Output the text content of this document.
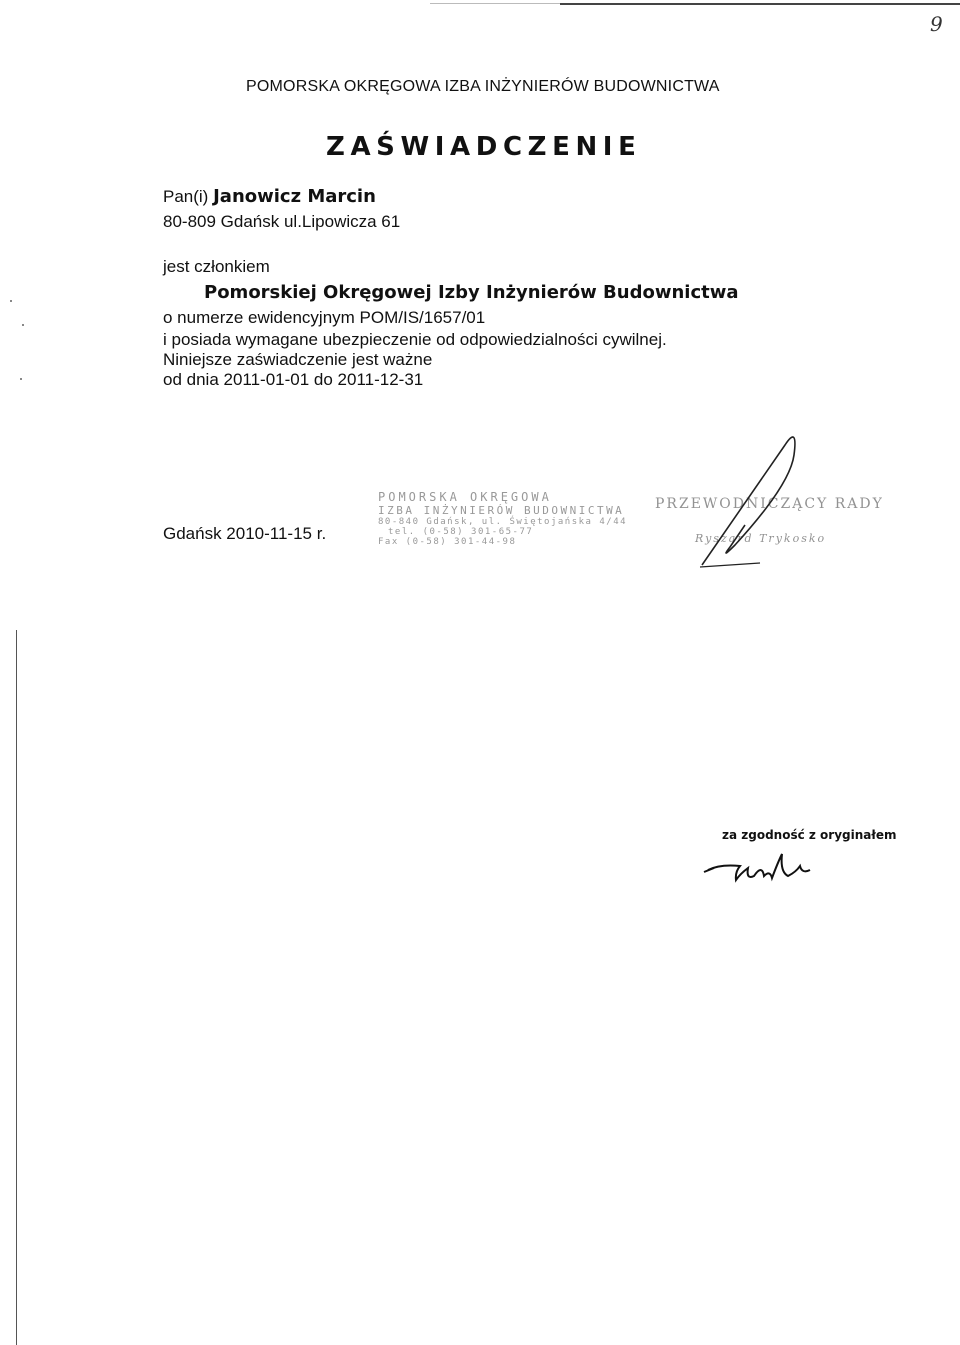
9
POMORSKA OKRĘGOWA IZBA INŻYNIERÓW BUDOWNICTWA
ZAŚWIADCZENIE
Pan(i) Janowicz Marcin
80-809 Gdańsk ul.Lipowicza 61
jest członkiem
Pomorskiej Okręgowej Izby Inżynierów Budownictwa
o numerze ewidencyjnym POM/IS/1657/01
i posiada wymagane ubezpieczenie od odpowiedzialności cywilnej.
Niniejsze zaświadczenie jest ważne
od dnia 2011-01-01 do 2011-12-31
Gdańsk 2010-11-15 r.
POMORSKA OKRĘGOWA
IZBA INŻYNIERÓW BUDOWNICTWA
80-840 Gdańsk, ul. Świętojańska 4/44
tel. (0-58) 301-65-77
Fax (0-58) 301-44-98
PRZEWODNICZĄCY RADY
Ryszard Trykosko
za zgodność z oryginałem
